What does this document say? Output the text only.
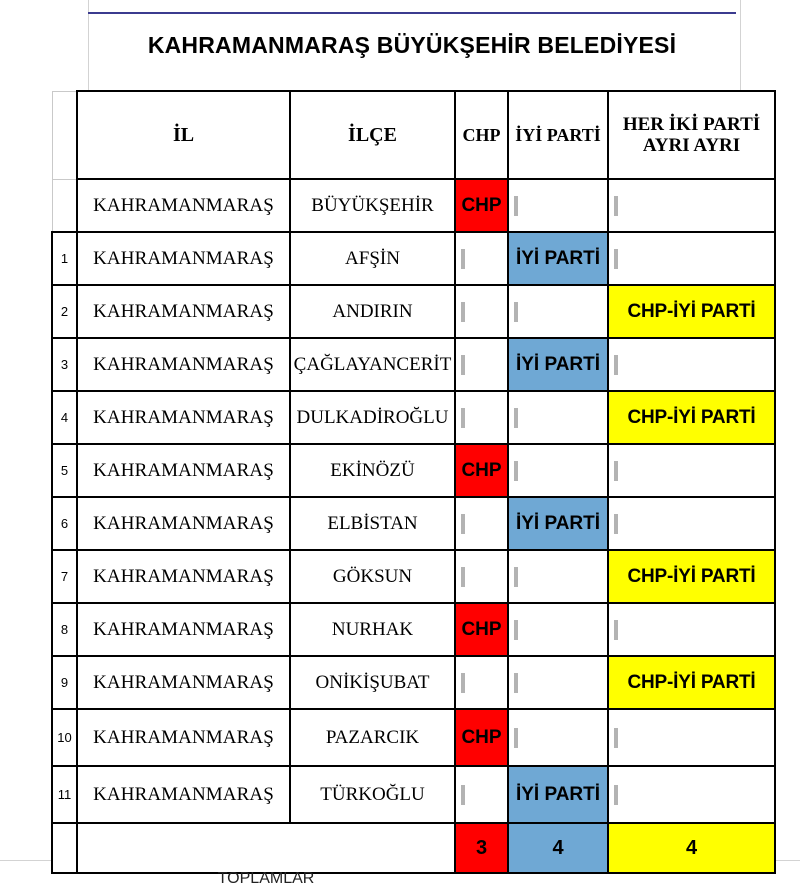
KAHRAMANMARAŞ BÜYÜKŞEHİR BELEDİYESİ
	İL	İLÇE	CHP	İYİ PARTİ	HER İKİ PARTİ AYRI AYRI
	KAHRAMANMARAŞ	BÜYÜKŞEHİR	CHP		
1	KAHRAMANMARAŞ	AFŞİN		İYİ PARTİ	
2	KAHRAMANMARAŞ	ANDIRIN			CHP-İYİ PARTİ
3	KAHRAMANMARAŞ	ÇAĞLAYANCERİT		İYİ PARTİ	
4	KAHRAMANMARAŞ	DULKADİROĞLU			CHP-İYİ PARTİ
5	KAHRAMANMARAŞ	EKİNÖZÜ	CHP		
6	KAHRAMANMARAŞ	ELBİSTAN		İYİ PARTİ	
7	KAHRAMANMARAŞ	GÖKSUN			CHP-İYİ PARTİ
8	KAHRAMANMARAŞ	NURHAK	CHP		
9	KAHRAMANMARAŞ	ONİKİŞUBAT			CHP-İYİ PARTİ
10	KAHRAMANMARAŞ	PAZARCIK	CHP		
11	KAHRAMANMARAŞ	TÜRKOĞLU		İYİ PARTİ	
	TOPLAMLAR		3	4	4
